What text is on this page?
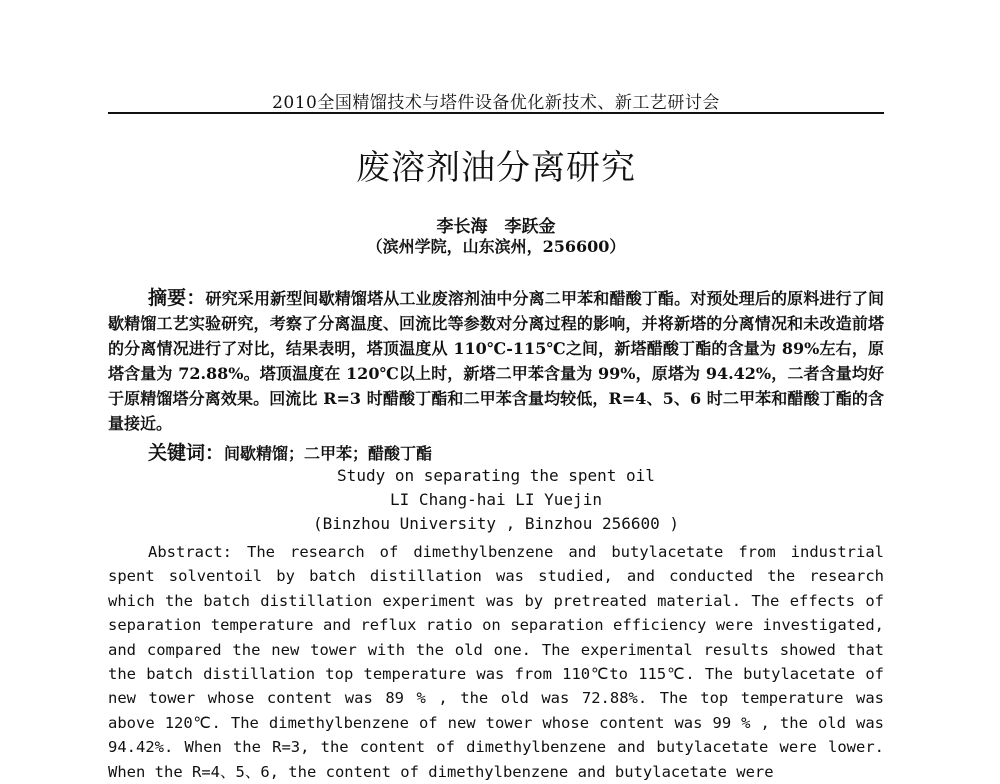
2010全国精馏技术与塔件设备优化新技术、新工艺研讨会
废溶剂油分离研究
李长海　李跃金
（滨州学院，山东滨州，256600）
摘要：研究采用新型间歇精馏塔从工业废溶剂油中分离二甲苯和醋酸丁酯。对预处理后的原料进行了间歇精馏工艺实验研究，考察了分离温度、回流比等参数对分离过程的影响，并将新塔的分离情况和未改造前塔的分离情况进行了对比，结果表明，塔顶温度从 110℃-115℃之间，新塔醋酸丁酯的含量为 89%左右，原塔含量为 72.88%。塔顶温度在 120℃以上时，新塔二甲苯含量为 99%，原塔为 94.42%，二者含量均好于原精馏塔分离效果。回流比 R=3 时醋酸丁酯和二甲苯含量均较低，R=4、5、6 时二甲苯和醋酸丁酯的含量接近。
关键词：间歇精馏；二甲苯；醋酸丁酯
Study on separating the spent oil
LI Chang-hai LI Yuejin
(Binzhou University , Binzhou 256600 )
Abstract: The research of dimethylbenzene and butylacetate from industrial spent solventoil by batch distillation was studied, and conducted the research which the batch distillation experiment was by pretreated material. The effects of separation temperature and reflux ratio on separation efficiency were investigated, and compared the new tower with the old one. The experimental results showed that the batch distillation top temperature was from 110℃to 115℃. The butylacetate of new tower whose content was 89 % , the old was 72.88%. The top temperature was above 120℃. The dimethylbenzene of new tower whose content was 99 % , the old was 94.42%. When the R=3, the content of dimethylbenzene and butylacetate were lower. When the R=4、5、6, the content of dimethylbenzene and butylacetate were
